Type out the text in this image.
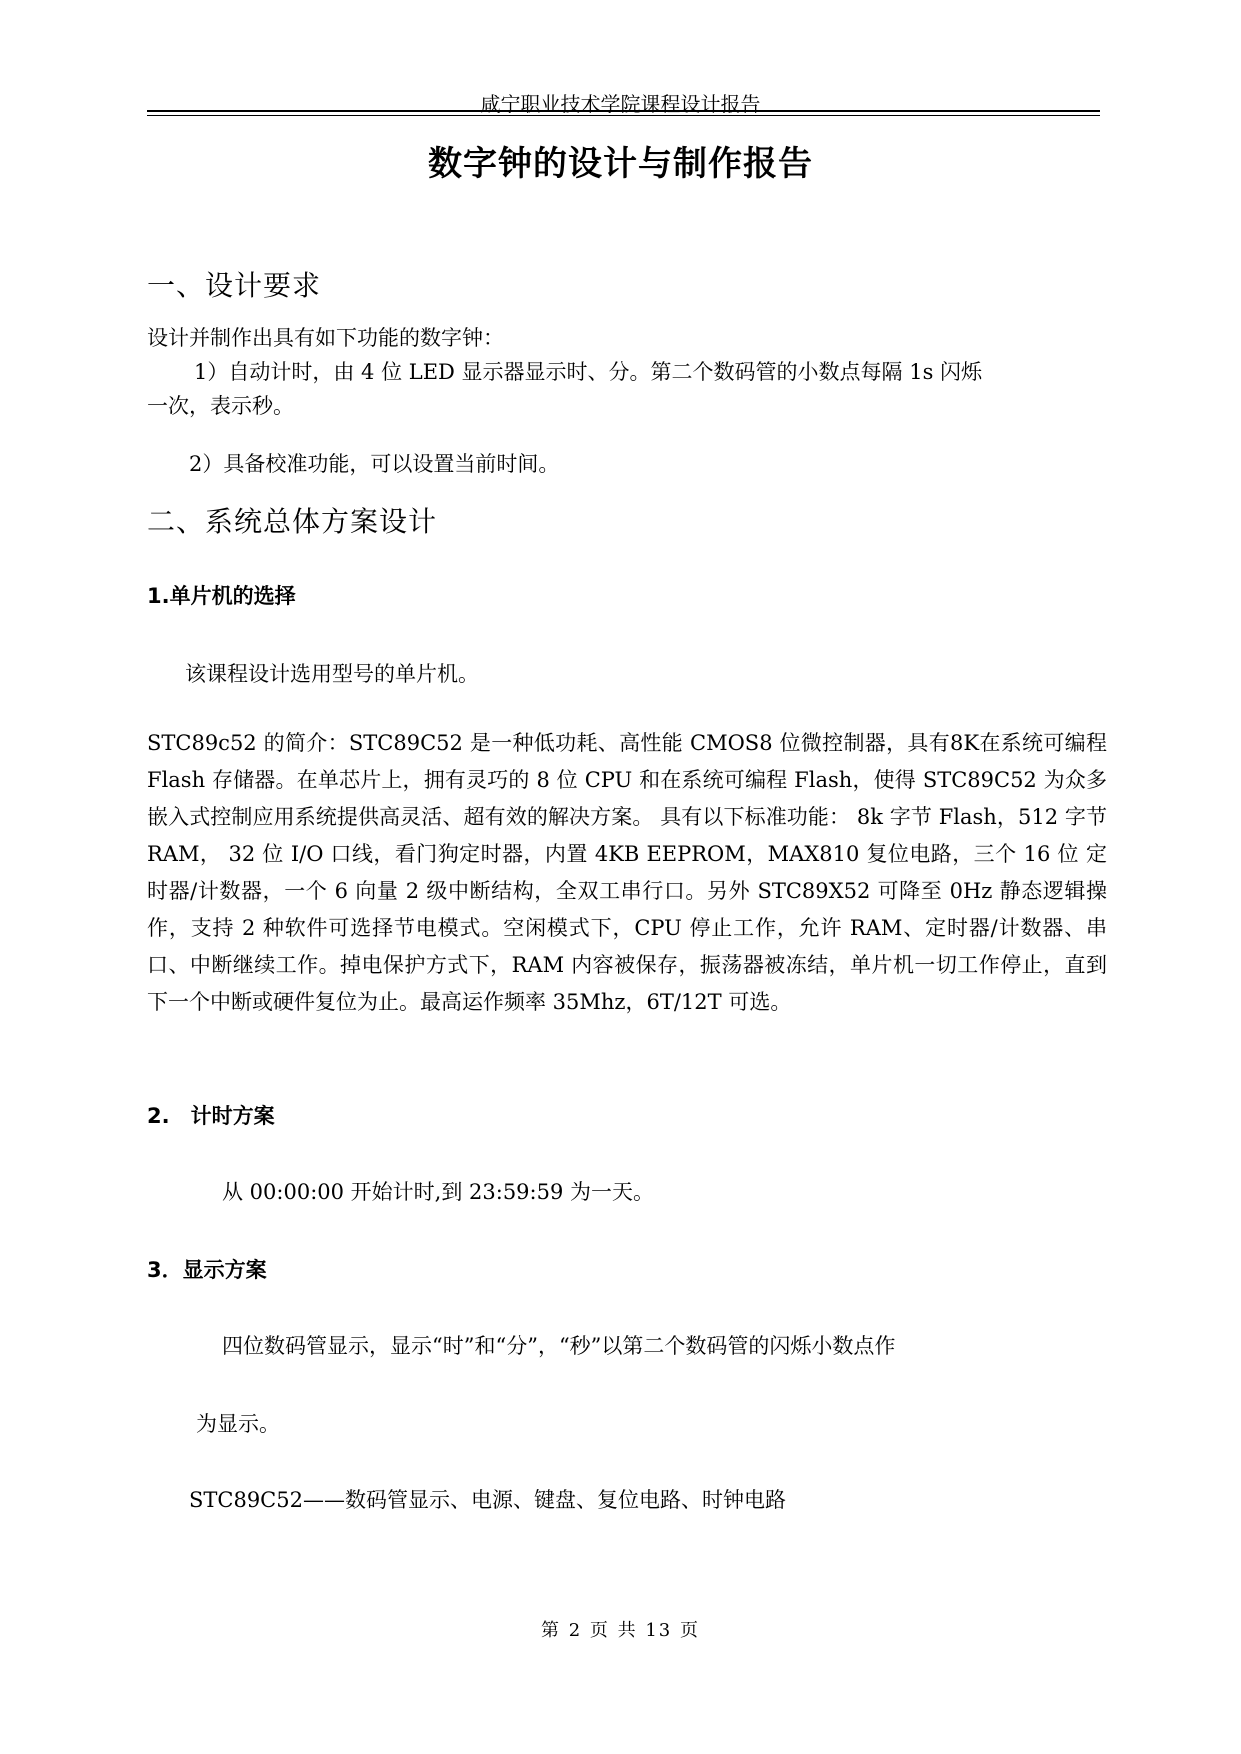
咸宁职业技术学院课程设计报告
数字钟的设计与制作报告
一、设计要求
设计并制作出具有如下功能的数字钟：
1）自动计时，由 4 位 LED 显示器显示时、分。第二个数码管的小数点每隔 1s 闪烁
一次，表示秒。
2）具备校准功能，可以设置当前时间。
二、系统总体方案设计
1.单片机的选择
该课程设计选用型号的单片机。
STC89c52 的简介：STC89C52 是一种低功耗、高性能 CMOS8 位微控制器，具有8K在系统可编程 Flash 存储器。在单芯片上，拥有灵巧的 8 位 CPU 和在系统可编程 Flash，使得 STC89C52 为众多嵌入式控制应用系统提供高灵活、超有效的解决方案。 具有以下标准功能： 8k 字节 Flash，512 字节 RAM， 32 位 I/O 口线，看门狗定时器，内置 4KB EEPROM，MAX810 复位电路，三个 16 位 定时器/计数器，一个 6 向量 2 级中断结构，全双工串行口。另外 STC89X52 可降至 0Hz 静态逻辑操作，支持 2 种软件可选择节电模式。空闲模式下，CPU 停止工作，允许 RAM、定时器/计数器、串口、中断继续工作。掉电保护方式下，RAM 内容被保存，振荡器被冻结，单片机一切工作停止，直到下一个中断或硬件复位为止。最高运作频率 35Mhz，6T/12T 可选。
2.　计时方案
从 00:00:00 开始计时,到 23:59:59 为一天。
3．显示方案
四位数码管显示，显示“时”和“分”，“秒”以第二个数码管的闪烁小数点作
为显示。
STC89C52——数码管显示、电源、键盘、复位电路、时钟电路
第 2 页 共 13 页
